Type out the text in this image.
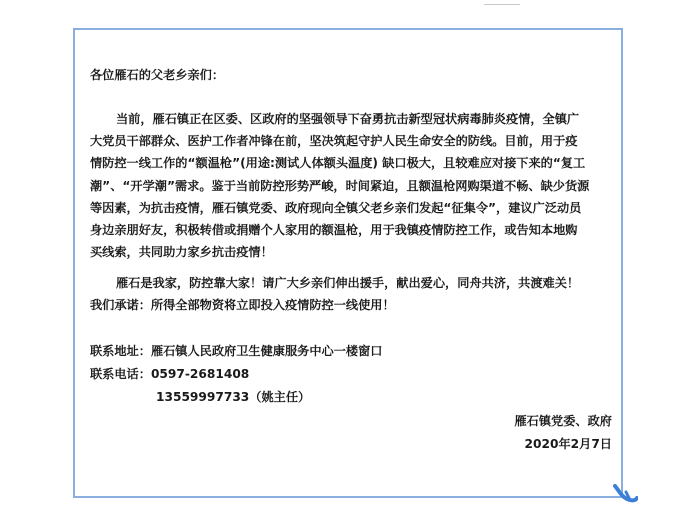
各位雁石的父老乡亲们：
当前，雁石镇正在区委、区政府的坚强领导下奋勇抗击新型冠状病毒肺炎疫情，全镇广
大党员干部群众、医护工作者冲锋在前，坚决筑起守护人民生命安全的防线。目前，用于疫
情防控一线工作的“额温枪”(用途:测试人体额头温度) 缺口极大，且较难应对接下来的“复工
潮”、“开学潮”需求。鉴于当前防控形势严峻，时间紧迫，且额温枪网购渠道不畅、缺少货源
等因素，为抗击疫情，雁石镇党委、政府现向全镇父老乡亲们发起“征集令”，建议广泛动员
身边亲朋好友，积极转借或捐赠个人家用的额温枪，用于我镇疫情防控工作，或告知本地购
买线索，共同助力家乡抗击疫情！
雁石是我家，防控靠大家！请广大乡亲们伸出援手，献出爱心，同舟共济，共渡难关！
我们承诺：所得全部物资将立即投入疫情防控一线使用！
联系地址：雁石镇人民政府卫生健康服务中心一楼窗口
联系电话：0597-2681408
13559997733（姚主任）
雁石镇党委、政府
2020年2月7日
